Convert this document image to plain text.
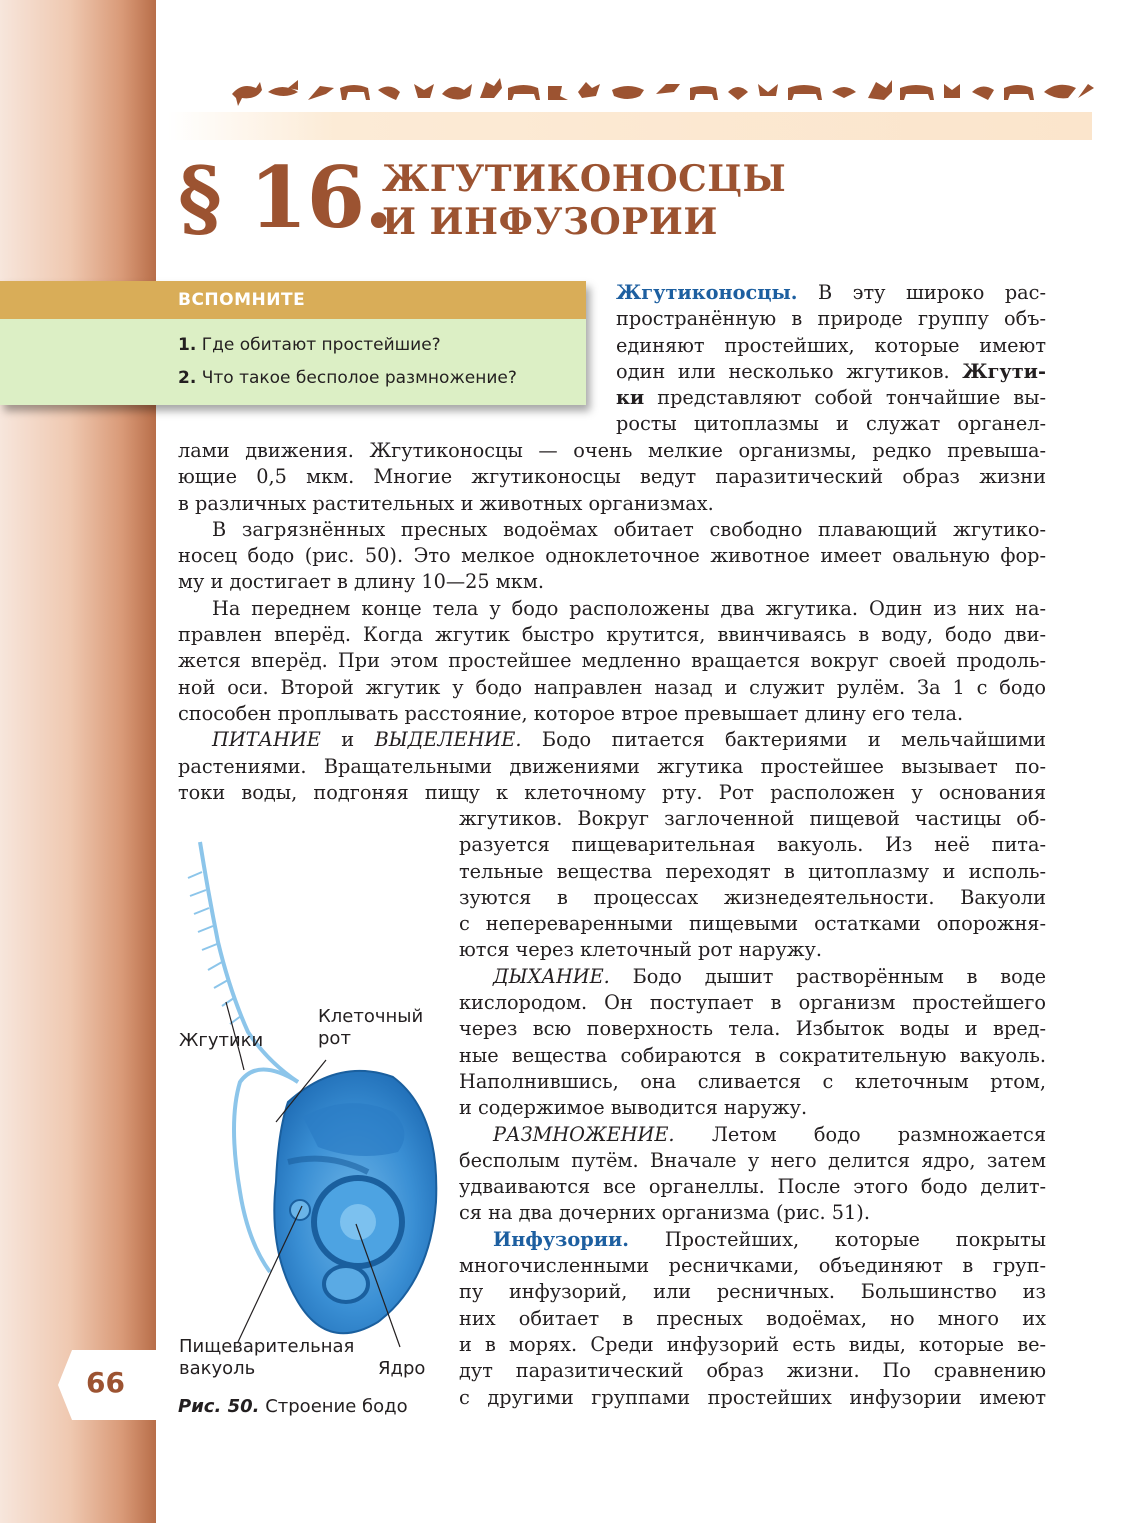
§ 16.
ЖГУТИКОНОСЦЫ
И ИНФУЗОРИИ
ВСПОМНИТЕ
1. Где обитают простейшие?
2. Что такое бесполое размножение?
Жгутиконосцы. В эту широко рас-
пространённую в природе группу объ-
единяют простейших, которые имеют
один или несколько жгутиков. Жгути-
ки представляют собой тончайшие вы-
росты цитоплазмы и служат органел-
лами движения. Жгутиконосцы — очень мелкие организмы, редко превыша-
ющие 0,5 мкм. Многие жгутиконосцы ведут паразитический образ жизни
в различных растительных и животных организмах.
В загрязнённых пресных водоёмах обитает свободно плавающий жгутико-
носец бодо (рис. 50). Это мелкое одноклеточное животное имеет овальную фор-
му и достигает в длину 10—25 мкм.
На переднем конце тела у бодо расположены два жгутика. Один из них на-
правлен вперёд. Когда жгутик быстро крутится, ввинчиваясь в воду, бодо дви-
жется вперёд. При этом простейшее медленно вращается вокруг своей продоль-
ной оси. Второй жгутик у бодо направлен назад и служит рулём. За 1 с бодо
способен проплывать расстояние, которое втрое превышает длину его тела.
ПИТАНИЕ и ВЫДЕЛЕНИЕ. Бодо питается бактериями и мельчайшими
растениями. Вращательными движениями жгутика простейшее вызывает по-
токи воды, подгоняя пищу к клеточному рту. Рот расположен у основания
жгутиков. Вокруг заглоченной пищевой частицы об-
разуется пищеварительная вакуоль. Из неё пита-
тельные вещества переходят в цитоплазму и исполь-
зуются в процессах жизнедеятельности. Вакуоли
с непереваренными пищевыми остатками опорожня-
ются через клеточный рот наружу.
ДЫХАНИЕ. Бодо дышит растворённым в воде
кислородом. Он поступает в организм простейшего
через всю поверхность тела. Избыток воды и вред-
ные вещества собираются в сократительную вакуоль.
Наполнившись, она сливается с клеточным ртом,
и содержимое выводится наружу.
РАЗМНОЖЕНИЕ. Летом бодо размножается
бесполым путём. Вначале у него делится ядро, затем
удваиваются все органеллы. После этого бодо делит-
ся на два дочерних организма (рис. 51).
Инфузории. Простейших, которые покрыты
многочисленными ресничками, объединяют в груп-
пу инфузорий, или ресничных. Большинство из
них обитает в пресных водоёмах, но много их
и в морях. Среди инфузорий есть виды, которые ве-
дут паразитический образ жизни. По сравнению
с другими группами простейших инфузории имеют
Жгутики
Клеточный
рот
Пищеварительная
вакуоль	Ядро
Рис. 50. Строение бодо
66
